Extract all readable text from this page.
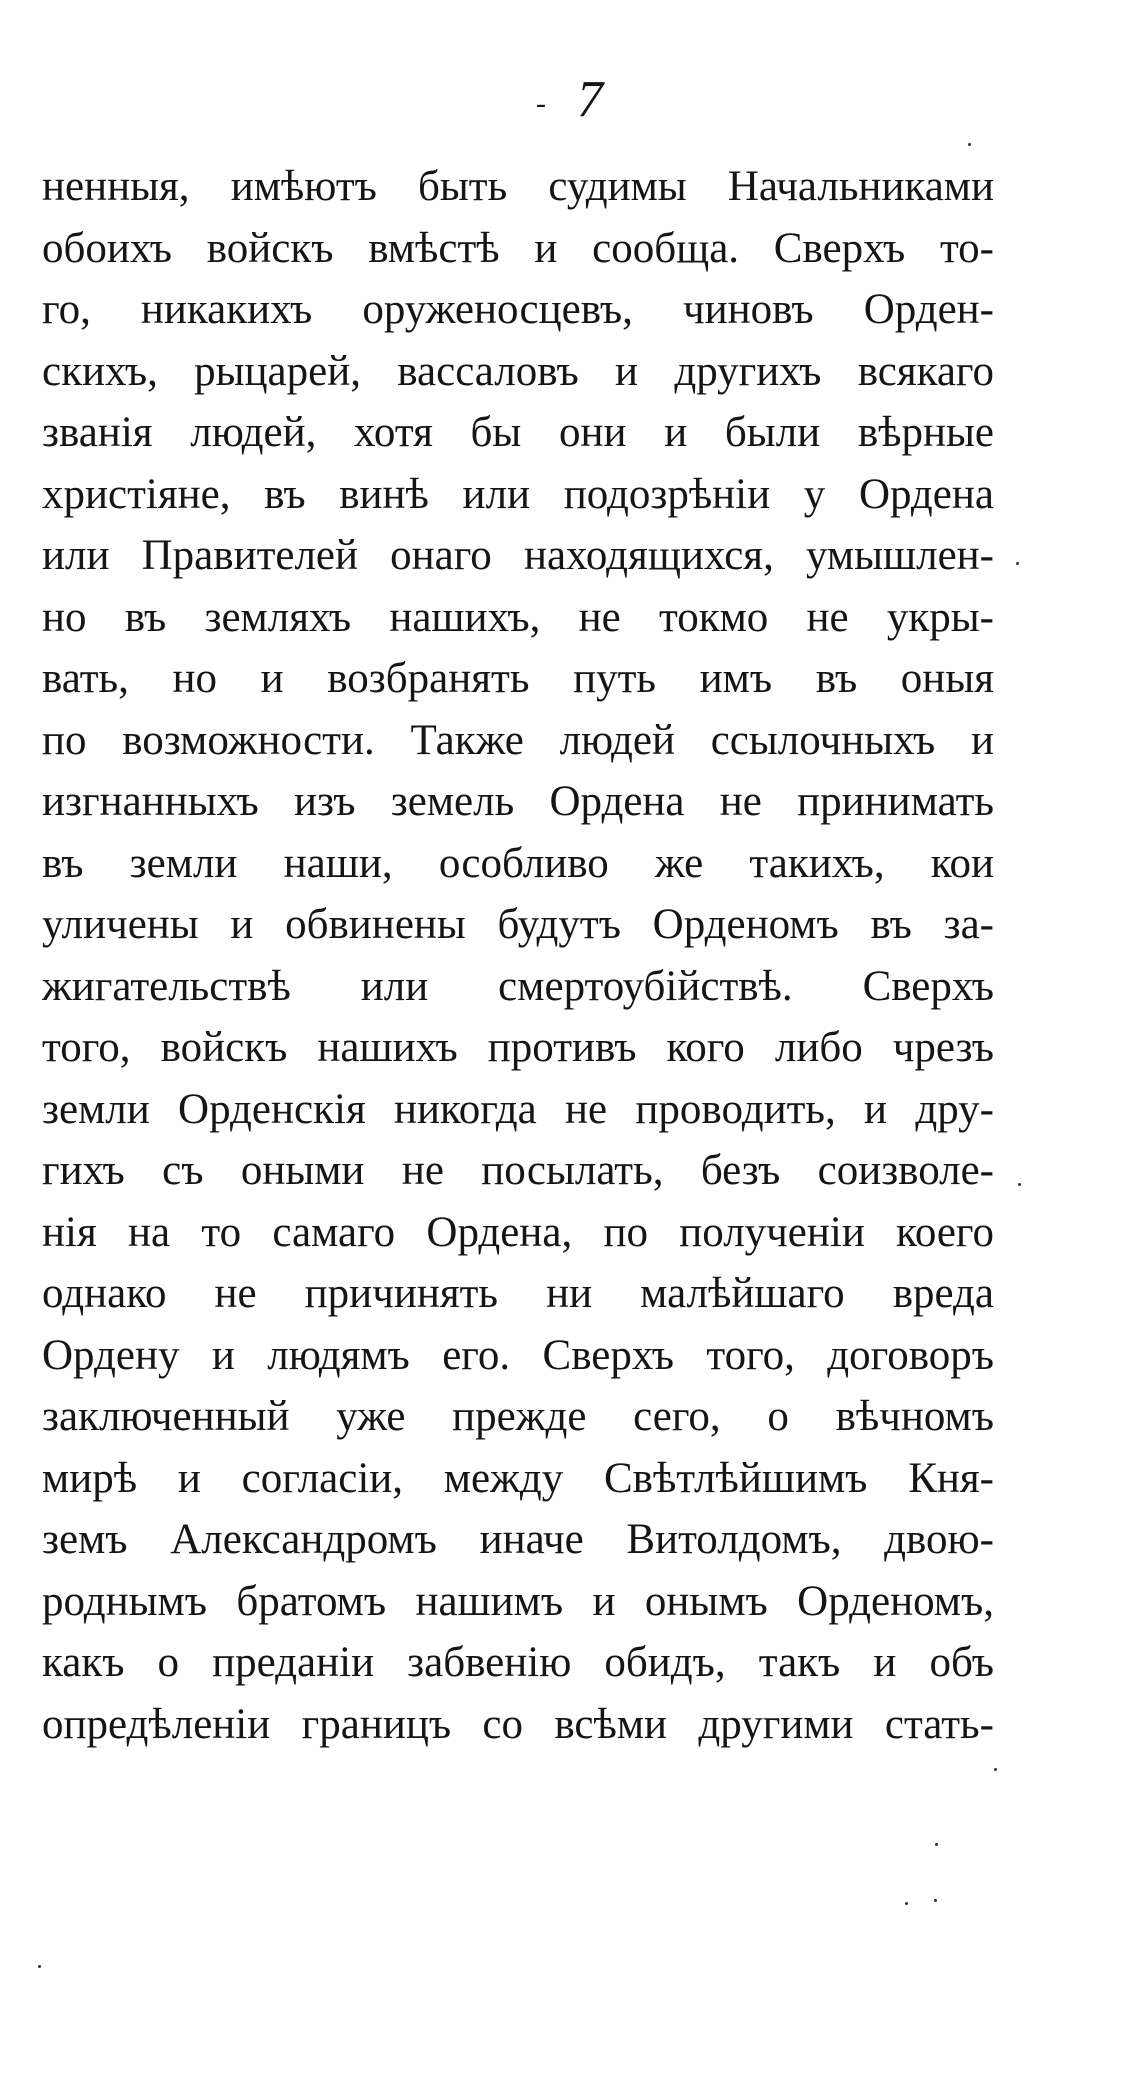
- 7
ненныя, имѣютъ быть судимы Начальниками
обоихъ войскъ вмѣстѣ и сообща. Сверхъ то-
го, никакихъ оруженосцевъ, чиновъ Орден-
скихъ, рыцарей, вассаловъ и другихъ всякаго
званія людей, хотя бы они и были вѣрные
христіяне, въ винѣ или подозрѣніи у Ордена
или Правителей онаго находящихся, умышлен-
но въ земляхъ нашихъ, не токмо не укры-
вать, но и возбранять путь имъ въ оныя
по возможности. Также людей ссылочныхъ и
изгнанныхъ изъ земель Ордена не принимать
въ земли наши, особливо же такихъ, кои
уличены и обвинены будутъ Орденомъ въ за-
жигательствѣ или смертоубійствѣ. Сверхъ
того, войскъ нашихъ противъ кого либо чрезъ
земли Орденскія никогда не проводить, и дру-
гихъ съ оными не посылать, безъ соизволе-
нія на то самаго Ордена, по полученіи коего
однако не причинять ни малѣйшаго вреда
Ордену и людямъ его. Сверхъ того, договоръ
заключенный уже прежде сего, о вѣчномъ
мирѣ и согласіи, между Свѣтлѣйшимъ Кня-
земъ Александромъ иначе Витолдомъ, двою-
роднымъ братомъ нашимъ и онымъ Орденомъ,
какъ о преданіи забвенію обидъ, такъ и объ
опредѣленіи границъ со всѣми другими стать-
